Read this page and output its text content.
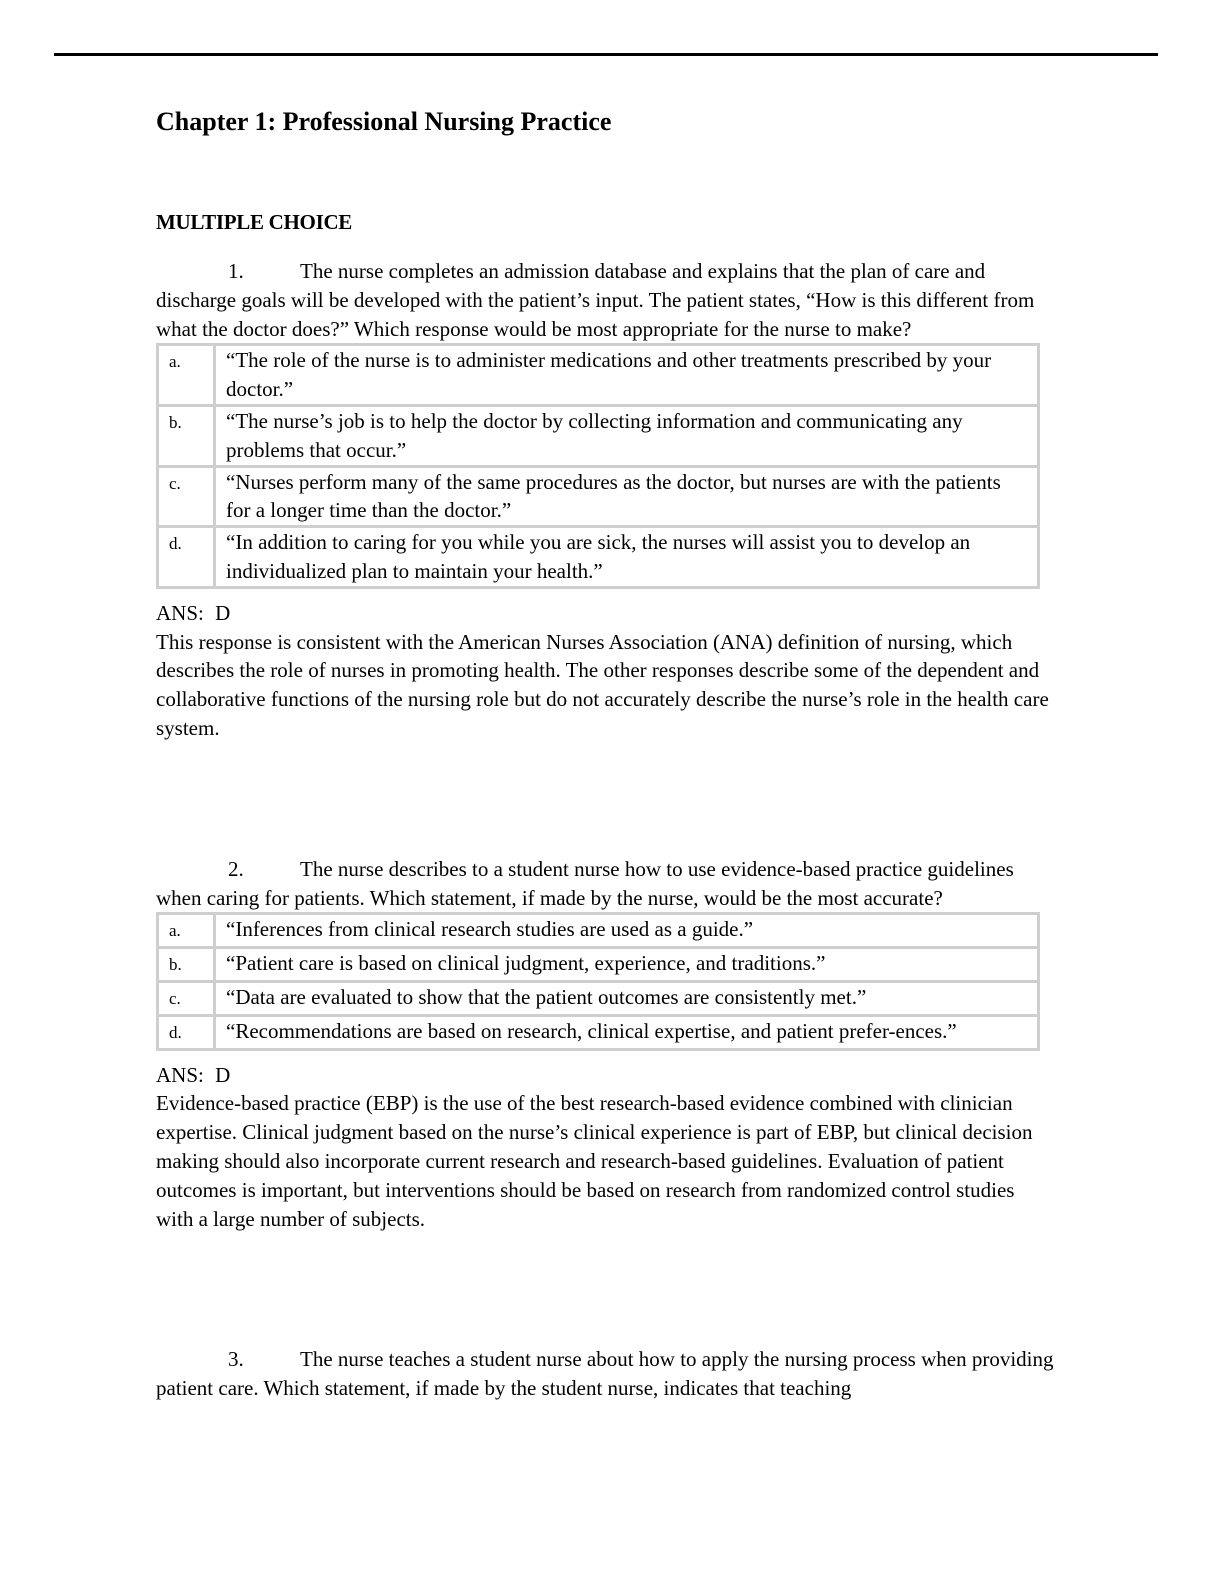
Chapter 1: Professional Nursing Practice
MULTIPLE CHOICE

1.	The nurse completes an admission database and explains that the plan of care and discharge goals will be developed with the patient’s input. The patient states, “How is this different from what the doctor does?” Which response would be most appropriate for the nurse to make?

a.	“The role of the nurse is to administer medications and other treatments prescribed by your doctor.”
b.	“The nurse’s job is to help the doctor by collecting information and communicating any problems that occur.”
c.	“Nurses perform many of the same procedures as the doctor, but nurses are with the patients for a longer time than the doctor.”
d.	“In addition to caring for you while you are sick, the nurses will assist you to develop an individualized plan to maintain your health.”

ANS: D

This response is consistent with the American Nurses Association (ANA) definition of nursing, which describes the role of nurses in promoting health. The other responses describe some of the dependent and collaborative functions of the nursing role but do not accurately describe the nurse’s role in the health care system.

2.	The nurse describes to a student nurse how to use evidence-based practice guidelines when caring for patients. Which statement, if made by the nurse, would be the most accurate?

a.	“Inferences from clinical research studies are used as a guide.”
b.	“Patient care is based on clinical judgment, experience, and traditions.”
c.	“Data are evaluated to show that the patient outcomes are consistently met.”
d.	“Recommendations are based on research, clinical expertise, and patient prefer-ences.”

ANS: D

Evidence-based practice (EBP) is the use of the best research-based evidence combined with clinician expertise. Clinical judgment based on the nurse’s clinical experience is part of EBP, but clinical decision making should also incorporate current research and research-based guidelines. Evaluation of patient outcomes is important, but interventions should be based on research from randomized control studies with a large number of subjects.

3.	The nurse teaches a student nurse about how to apply the nursing process when providing patient care. Which statement, if made by the student nurse, indicates that teaching
